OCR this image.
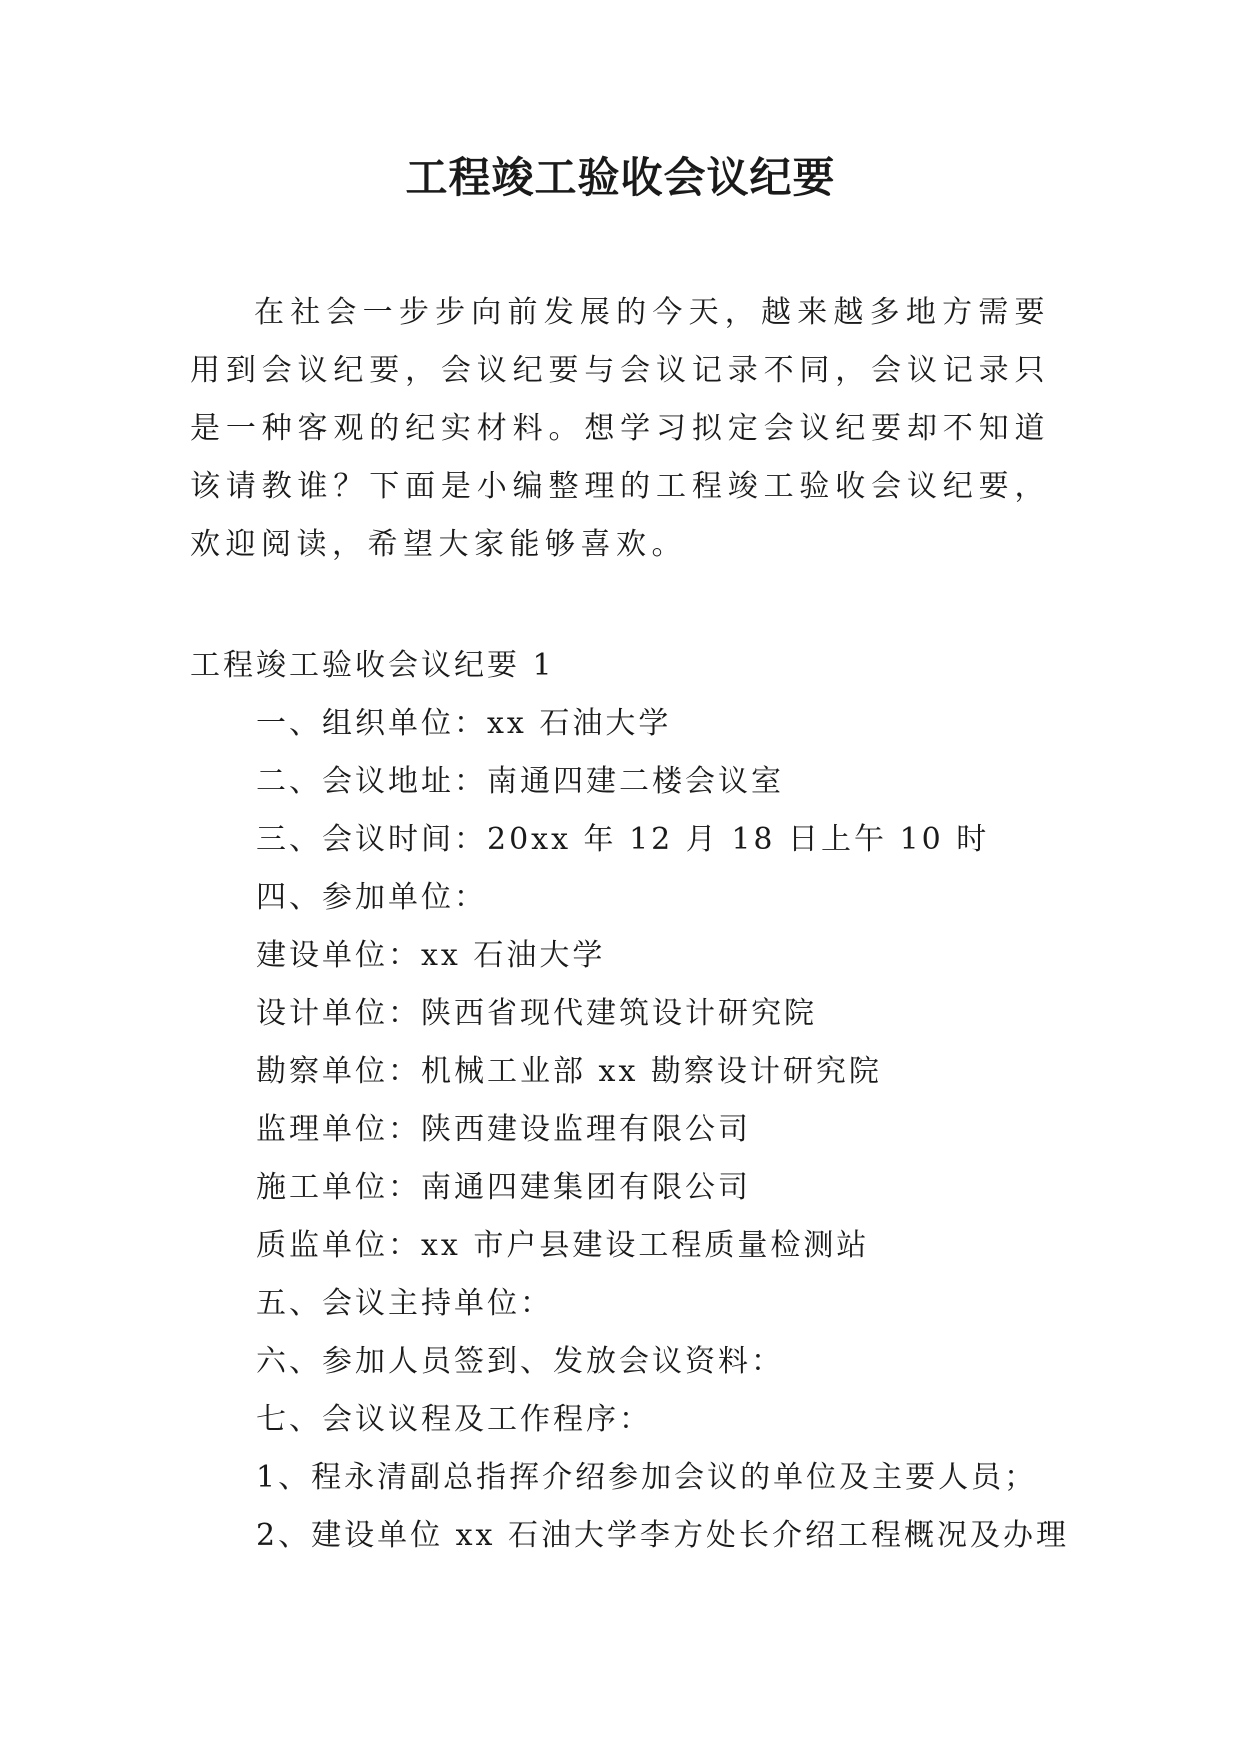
工程竣工验收会议纪要

在社会一步步向前发展的今天，越来越多地方需要用到会议纪要，会议纪要与会议记录不同，会议记录只是一种客观的纪实材料。想学习拟定会议纪要却不知道该请教谁？下面是小编整理的工程竣工验收会议纪要，欢迎阅读，希望大家能够喜欢。

工程竣工验收会议纪要 1
一、组织单位：xx 石油大学
二、会议地址：南通四建二楼会议室
三、会议时间：20xx 年 12 月 18 日上午 10 时
四、参加单位：
建设单位：xx 石油大学
设计单位：陕西省现代建筑设计研究院
勘察单位：机械工业部 xx 勘察设计研究院
监理单位：陕西建设监理有限公司
施工单位：南通四建集团有限公司
质监单位：xx 市户县建设工程质量检测站
五、会议主持单位：
六、参加人员签到、发放会议资料：
七、会议议程及工作程序：
1、程永清副总指挥介绍参加会议的单位及主要人员；
2、建设单位 xx 石油大学李方处长介绍工程概况及办理
